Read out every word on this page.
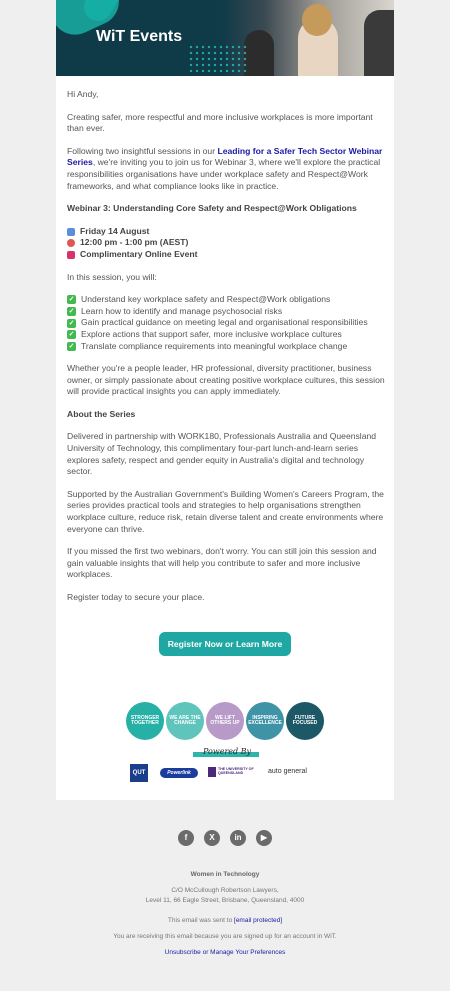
WiT Events

Hi Andy,

Creating safer, more respectful and more inclusive workplaces is more important than ever.

Following two insightful sessions in our Leading for a Safer Tech Sector Webinar Series, we're inviting you to join us for Webinar 3, where we'll explore the practical responsibilities organisations have under workplace safety and Respect@Work frameworks, and what compliance looks like in practice.

Webinar 3: Understanding Core Safety and Respect@Work Obligations

Friday 14 August
12:00 pm - 1:00 pm (AEST)
Complimentary Online Event

In this session, you will:

✓ Understand key workplace safety and Respect@Work obligations
✓ Learn how to identify and manage psychosocial risks
✓ Gain practical guidance on meeting legal and organisational responsibilities
✓ Explore actions that support safer, more inclusive workplace cultures
✓ Translate compliance requirements into meaningful workplace change

Whether you're a people leader, HR professional, diversity practitioner, business owner, or simply passionate about creating positive workplace cultures, this session will provide practical insights you can apply immediately.

About the Series

Delivered in partnership with WORK180, Professionals Australia and Queensland University of Technology, this complimentary four-part lunch-and-learn series explores safety, respect and gender equity in Australia's digital and technology sector.

Supported by the Australian Government's Building Women's Careers Program, the series provides practical tools and strategies to help organisations strengthen workplace culture, reduce risk, retain diverse talent and create environments where everyone can thrive.

If you missed the first two webinars, don't worry. You can still join this session and gain valuable insights that will help you contribute to safer and more inclusive workplaces.

Register today to secure your place.

Register Now or Learn More
STRONGER TOGETHER
WE ARE THE CHANGE
WE LIFT OTHERS UP
INSPIRING EXCELLENCE
FUTURE FOCUSED
Powered By
QUT	Powerlink
THE UNIVERSITY OF QUEENSLAND	auto general
f	X	in	▶
Women in Technology
C/O McCullough Robertson Lawyers,
Level 11, 66 Eagle Street, Brisbane, Queensland, 4000
This email was sent to [email protected]
You are receiving this email because you are signed up for an account in WiT.
Unsubscribe or Manage Your Preferences
